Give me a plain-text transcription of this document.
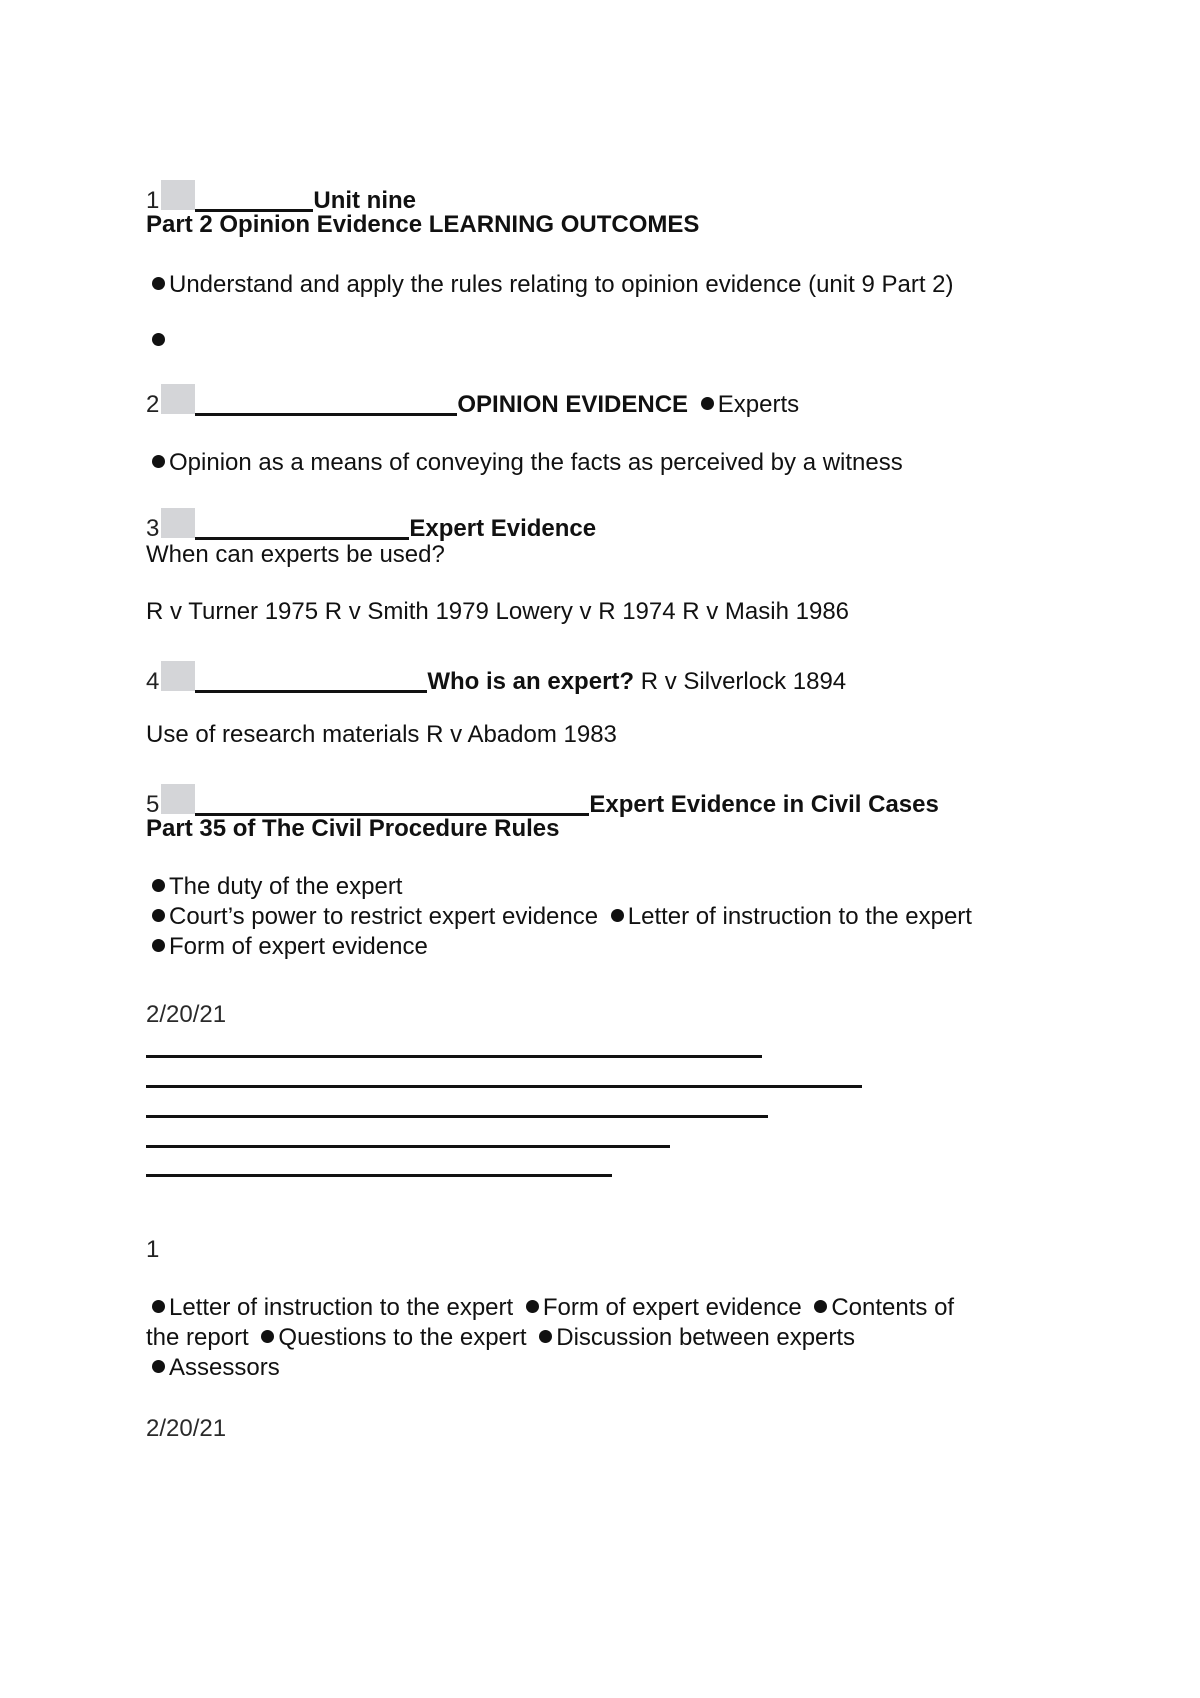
1	Unit nine
Part 2 Opinion Evidence LEARNING OUTCOMES
Understand and apply the rules relating to opinion evidence (unit 9 Part 2)
2	OPINION EVIDENCE Experts
Opinion as a means of conveying the facts as perceived by a witness
3	Expert Evidence
When can experts be used?
R v Turner 1975 R v Smith 1979 Lowery v R 1974 R v Masih 1986
4	Who is an expert? R v Silverlock 1894
Use of research materials R v Abadom 1983
5	Expert Evidence in Civil Cases
Part 35 of The Civil Procedure Rules
The duty of the expert
Court’s power to restrict expert evidence Letter of instruction to the expert
Form of expert evidence
2/20/21
1
Letter of instruction to the expert Form of expert evidence Contents of
the report Questions to the expert Discussion between experts
Assessors
2/20/21
